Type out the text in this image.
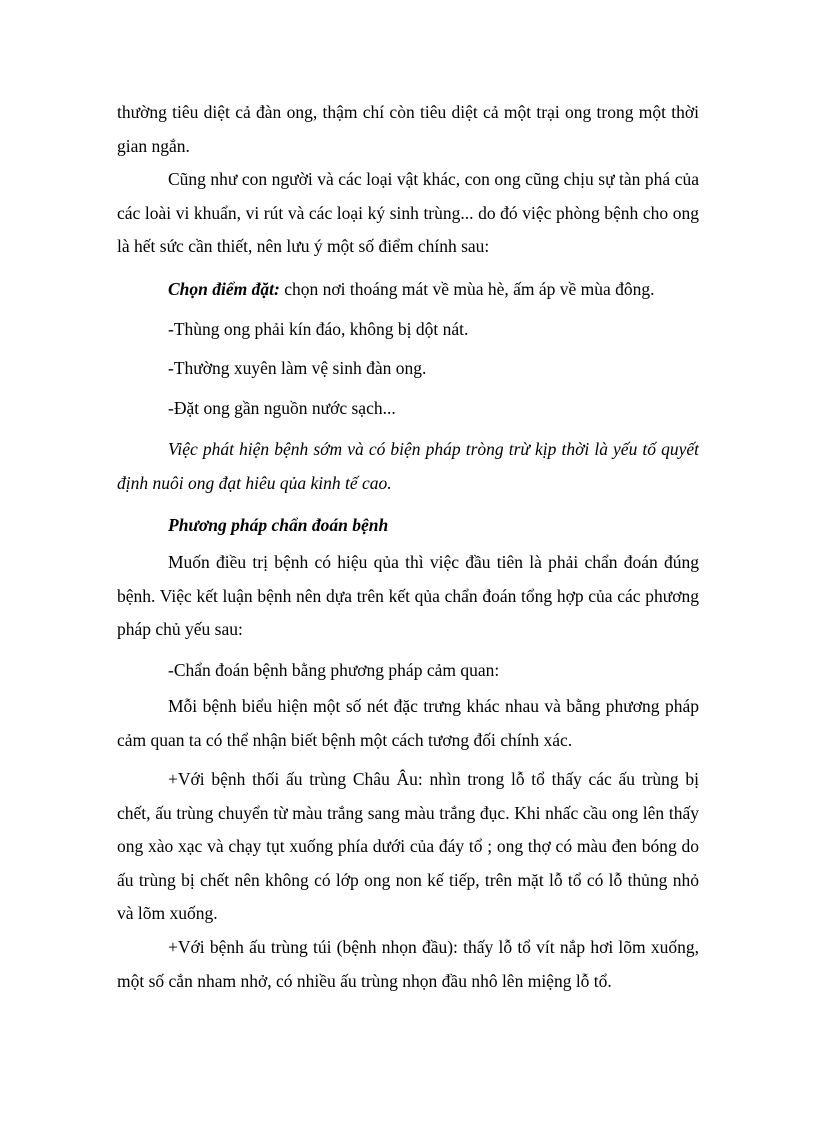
thường tiêu diệt cả đàn ong, thậm chí còn tiêu diệt cả một trại ong trong một thời gian ngắn.

Cũng như con người và các loại vật khác, con ong cũng chịu sự tàn phá của các loài vi khuẩn, vi rút và các loại ký sinh trùng... do đó việc phòng bệnh cho ong là hết sức cần thiết, nên lưu ý một số điểm chính sau:

Chọn điểm đặt: chọn nơi thoáng mát về mùa hè, ấm áp về mùa đông.

-Thùng ong phải kín đáo, không bị dột nát.

-Thường xuyên làm vệ sinh đàn ong.

-Đặt ong gần nguồn nước sạch...

Việc phát hiện bệnh sớm và có biện pháp tròng trừ kịp thời là yếu tố quyết định nuôi ong đạt hiêu qủa kinh tế cao.

Phương pháp chẩn đoán bệnh

Muốn điều trị bệnh có hiệu qủa thì việc đầu tiên là phải chẩn đoán đúng bệnh. Việc kết luận bệnh nên dựa trên kết qủa chẩn đoán tổng hợp của các phương pháp chủ yếu sau:

-Chẩn đoán bệnh bằng phương pháp cảm quan:

Mỗi bệnh biểu hiện một số nét đặc trưng khác nhau và bằng phương pháp cảm quan ta có thể nhận biết bệnh một cách tương đối chính xác.

+Với bệnh thối ấu trùng Châu Âu: nhìn trong lỗ tổ thấy các ấu trùng bị chết, ấu trùng chuyển từ màu trắng sang màu trắng đục. Khi nhấc cầu ong lên thấy ong xào xạc và chạy tụt xuống phía dưới của đáy tổ ; ong thợ có màu đen bóng do ấu trùng bị chết nên không có lớp ong non kế tiếp, trên mặt lỗ tổ có lỗ thủng nhỏ và lõm xuống.

+Với bệnh ấu trùng túi (bệnh nhọn đầu): thấy lỗ tổ vít nắp hơi lõm xuống, một số cắn nham nhở, có nhiều ấu trùng nhọn đầu nhô lên miệng lỗ tổ.
